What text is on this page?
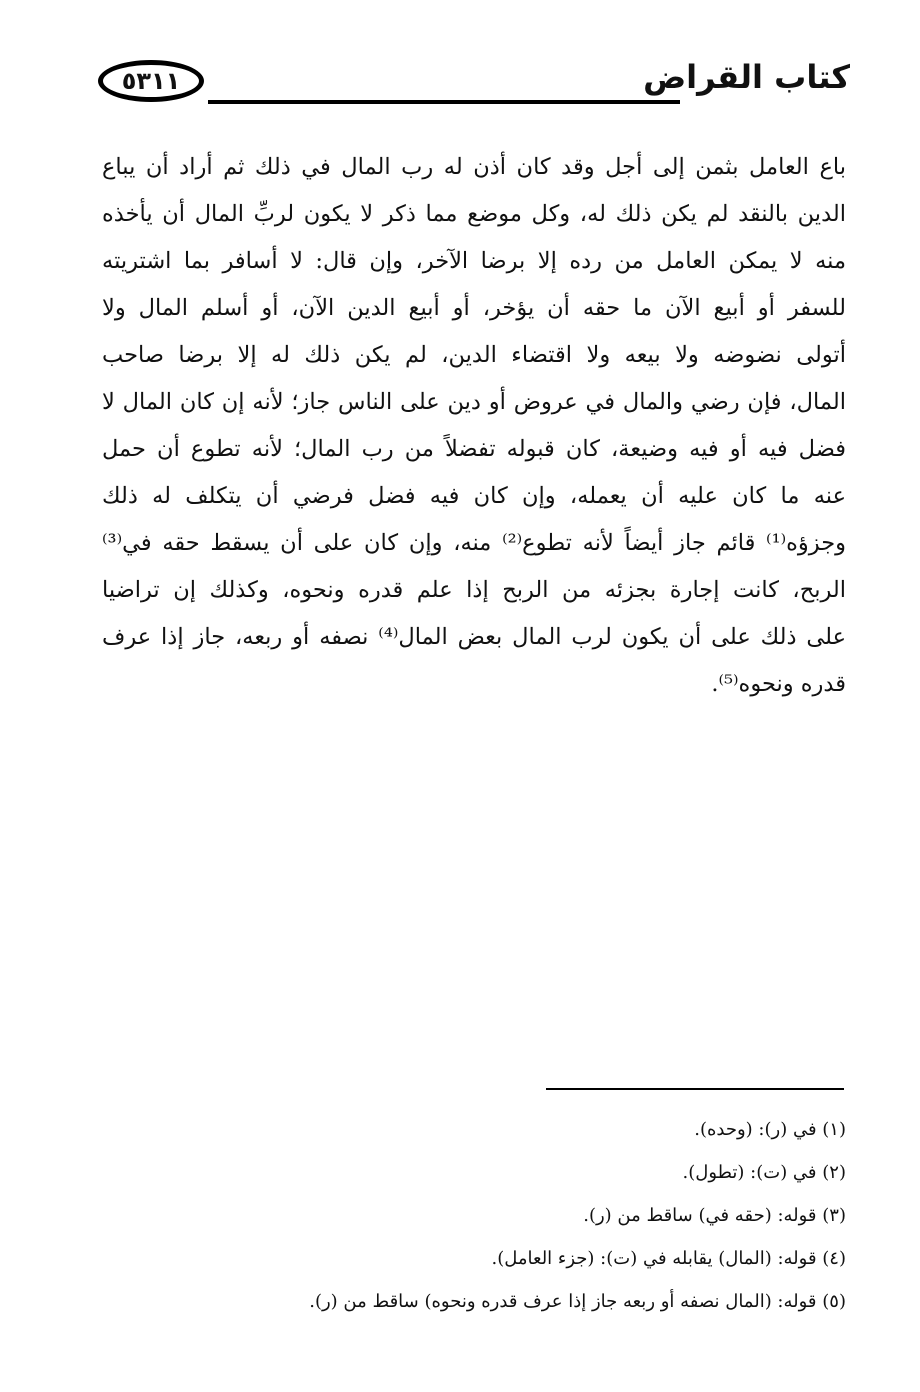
٥٣١١	كتاب القراض
باع العامل بثمن إلى أجل وقد كان أذن له رب المال في ذلك ثم أراد أن يباع
الدين بالنقد لم يكن ذلك له، وكل موضع مما ذكر لا يكون لربِّ المال أن يأخذه
منه لا يمكن العامل من رده إلا برضا الآخر، وإن قال: لا أسافر بما اشتريته
للسفر أو أبيع الآن ما حقه أن يؤخر، أو أبيع الدين الآن، أو أسلم المال ولا
أتولى نضوضه ولا بيعه ولا اقتضاء الدين، لم يكن ذلك له إلا برضا صاحب
المال، فإن رضي والمال في عروض أو دين على الناس جاز؛ لأنه إن كان المال لا
فضل فيه أو فيه وضيعة، كان قبوله تفضلاً من رب المال؛ لأنه تطوع أن حمل
عنه ما كان عليه أن يعمله، وإن كان فيه فضل فرضي أن يتكلف له ذلك
وجزؤه⁽¹⁾ قائم جاز أيضاً لأنه تطوع⁽²⁾ منه، وإن كان على أن يسقط حقه في⁽³⁾
الربح، كانت إجارة بجزئه من الربح إذا علم قدره ونحوه، وكذلك إن تراضيا
على ذلك على أن يكون لرب المال بعض المال⁽⁴⁾ نصفه أو ربعه، جاز إذا عرف
قدره ونحوه⁽⁵⁾.
(١) في (ر): (وحده).
(٢) في (ت): (تطول).
(٣) قوله: (حقه في) ساقط من (ر).
(٤) قوله: (المال) يقابله في (ت): (جزء العامل).
(٥) قوله: (المال نصفه أو ربعه جاز إذا عرف قدره ونحوه) ساقط من (ر).
